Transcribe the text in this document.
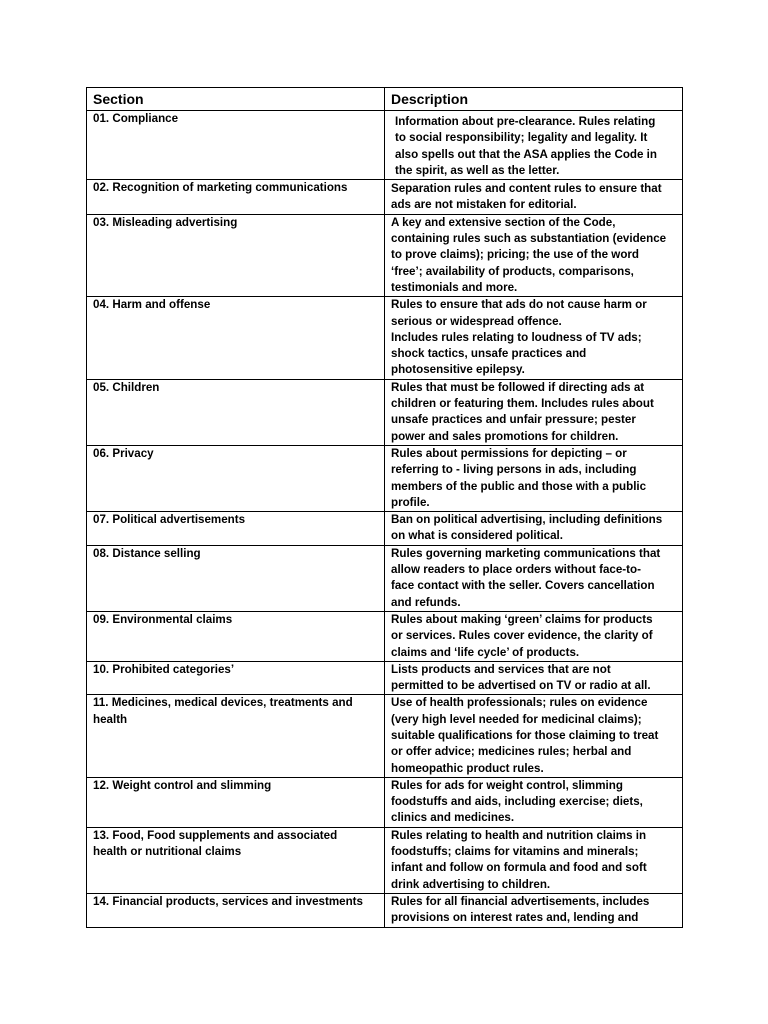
Section	Description

01. Compliance	Information about pre-clearance. Rules relating
to social responsibility; legality and legality. It
also spells out that the ASA applies the Code in
the spirit, as well as the letter.

02. Recognition of marketing communications	Separation rules and content rules to ensure that
ads are not mistaken for editorial.

03. Misleading advertising	A key and extensive section of the Code,
containing rules such as substantiation (evidence
to prove claims); pricing; the use of the word
‘free’; availability of products, comparisons,
testimonials and more.

04. Harm and offense	Rules to ensure that ads do not cause harm or
serious or widespread offence.
Includes rules relating to loudness of TV ads;
shock tactics, unsafe practices and
photosensitive epilepsy.

05. Children	Rules that must be followed if directing ads at
children or featuring them. Includes rules about
unsafe practices and unfair pressure; pester
power and sales promotions for children.

06. Privacy	Rules about permissions for depicting – or
referring to - living persons in ads, including
members of the public and those with a public
profile.

07. Political advertisements	Ban on political advertising, including definitions
on what is considered political.

08. Distance selling	Rules governing marketing communications that
allow readers to place orders without face-to-
face contact with the seller. Covers cancellation
and refunds.

09. Environmental claims	Rules about making ‘green’ claims for products
or services. Rules cover evidence, the clarity of
claims and ‘life cycle’ of products.

10. Prohibited categories’	Lists products and services that are not
permitted to be advertised on TV or radio at all.

11. Medicines, medical devices, treatments and
health	Use of health professionals; rules on evidence
(very high level needed for medicinal claims);
suitable qualifications for those claiming to treat
or offer advice; medicines rules; herbal and
homeopathic product rules.

12. Weight control and slimming	Rules for ads for weight control, slimming
foodstuffs and aids, including exercise; diets,
clinics and medicines.

13. Food, Food supplements and associated
health or nutritional claims	Rules relating to health and nutrition claims in
foodstuffs; claims for vitamins and minerals;
infant and follow on formula and food and soft
drink advertising to children.

14. Financial products, services and investments	Rules for all financial advertisements, includes
provisions on interest rates and, lending and
